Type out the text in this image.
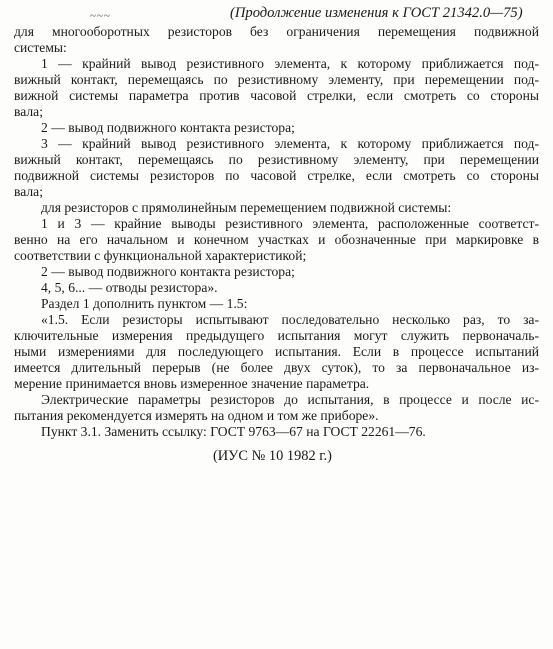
~~~	(Продолжение изменения к ГОСТ 21342.0—75)
для многооборотных резисторов без ограничения перемещения подвижной
системы:
1 — крайний вывод резистивного элемента, к которому приближается под-
вижный контакт, перемещаясь по резистивному элементу, при перемещении под-
вижной системы параметра против часовой стрелки, если смотреть со стороны
вала;
2 — вывод подвижного контакта резистора;
3 — крайний вывод резистивного элемента, к которому приближается под-
вижный контакт, перемещаясь по резистивному элементу, при перемещении
подвижной системы резисторов по часовой стрелке, если смотреть со стороны
вала;
для резисторов с прямолинейным перемещением подвижной системы:
1 и 3 — крайние выводы резистивного элемента, расположенные соответст-
венно на его начальном и конечном участках и обозначенные при маркировке в
соответствии с функциональной характеристикой;
2 — вывод подвижного контакта резистора;
4, 5, 6... — отводы резистора».
Раздел 1 дополнить пунктом — 1.5:
«1.5. Если резисторы испытывают последовательно несколько раз, то за-
ключительные измерения предыдущего испытания могут служить первоначаль-
ными измерениями для последующего испытания. Если в процессе испытаний
имеется длительный перерыв (не более двух суток), то за первоначальное из-
мерение принимается вновь измеренное значение параметра.
Электрические параметры резисторов до испытания, в процессе и после ис-
пытания рекомендуется измерять на одном и том же приборе».
Пункт 3.1. Заменить ссылку: ГОСТ 9763—67 на ГОСТ 22261—76.
(ИУС № 10 1982 г.)
